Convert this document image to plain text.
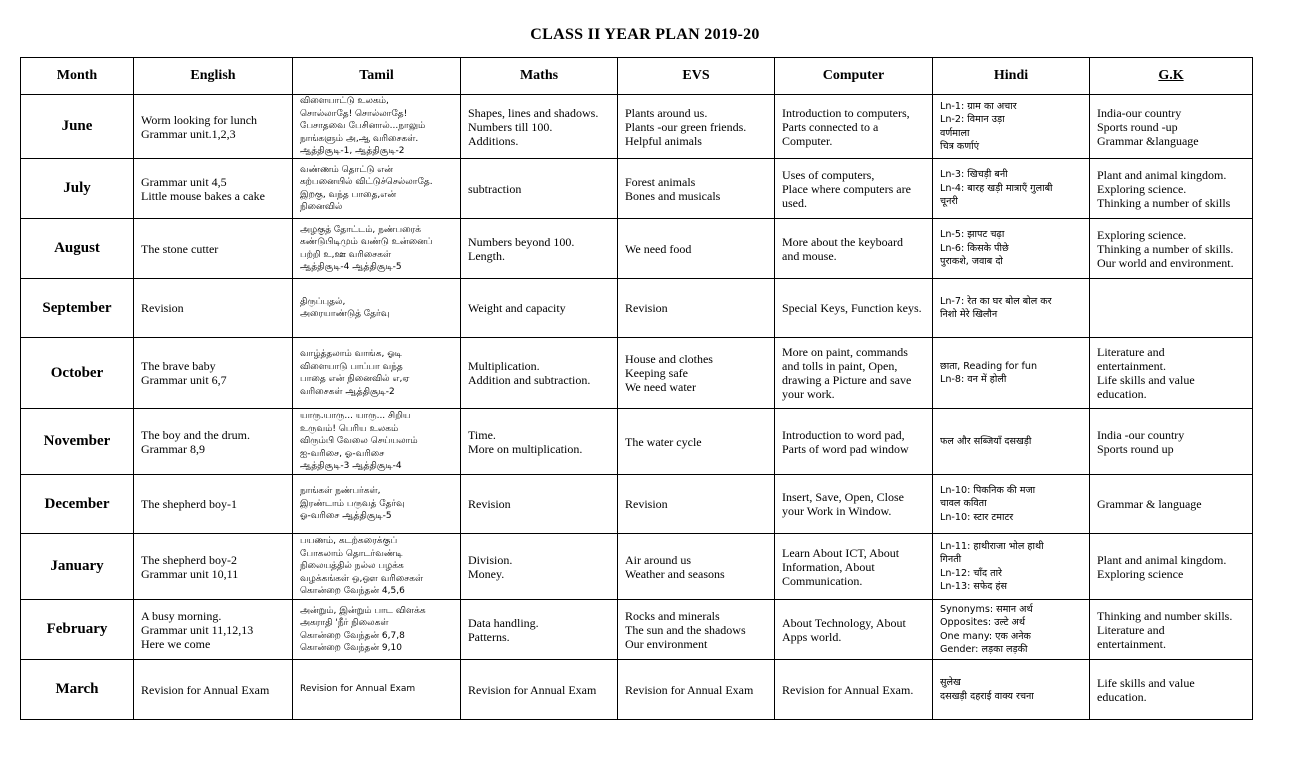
CLASS II YEAR PLAN 2019-20
Month	English	Tamil	Maths	EVS	Computer	Hindi	G.K
June	Worm looking for lunch
Grammar unit.1,2,3	விளையாட்டு உலகம்,
சொல்லாதே! சொல்லாதே!
பேசாதவை பேசினால்...நாலும்
நாங்களும் அ,ஆ வரிசைகள்.
ஆத்திசூடி-1, ஆத்திசூடி-2	Shapes, lines and shadows.
Numbers till 100.
Additions.	Plants around us.
Plants -our green friends.
Helpful animals	Introduction to computers,
Parts connected to a
Computer.	Ln-1: ग्राम का अचार
Ln-2: विमान उड़ा
वर्णमाला
चित्र कर्णाएं	India-our country
Sports round -up
Grammar &language

July	Grammar unit 4,5
Little mouse bakes a cake	வண்ணம் தொட்டு என்
கற்பனையில் விட்டுச்செல்லாதே.
இறகு, வந்த பாதை,என்
நினைவில்	subtraction	Forest animals
Bones and musicals	Uses of computers,
Place where computers are
used.	Ln-3: खिचड़ी बनी
Ln-4: बारह खड़ी मात्राएँ गुलाबी
चूनरी	Plant and animal kingdom.
Exploring science.
Thinking a number of skills

August	The stone cutter	அழகுத் தோட்டம், நண்பரைக்
கண்டுபிடிமும் வண்டு உன்னைப்
பற்றி உ,ஊ வரிசைகள்
ஆத்திசூடி-4 ஆத்திசூடி-5	Numbers beyond 100.
Length.	We need food	More about the keyboard
and mouse.	Ln-5: झापट चढ़ा
Ln-6: किसके पीछे
पुराकशे, जवाब दो	Exploring science.
Thinking a number of skills.
Our world and environment.

September	Revision	திருப்புதல்,
அரையாண்டுத் தேர்வு	Weight and capacity	Revision	Special Keys, Function keys.	Ln-7: रेत का घर बोल बोल कर
निशो मेरे खिलौन	

October	The brave baby
Grammar unit 6,7	வாழ்த்தலாம் வாங்க, ஓடி
விளையாடு பாப்பா வந்த
பாதை என் நினைவில் எ,ஏ
வரிசைகள் ஆத்திசூடி-2	Multiplication.
Addition and subtraction.	House and clothes
Keeping safe
We need water	More on paint, commands
and tolls in paint, Open,
drawing a Picture and save
your work.	छाता, Reading for fun
Ln-8: वन में होली	Literature and
entertainment.
Life skills and value
education.

November	The boy and the drum.
Grammar 8,9	யாரு.யாரு... யாரு... சிறிய
உருவம்! பெரிய உலகம்
விரும்பி வேலை செய்யலாம்
ஐ-வரிசை, ஓ-வரிசை
ஆத்திசூடி-3 ஆத்திசூடி-4	Time.
More on multiplication.	The water cycle	Introduction to word pad,
Parts of word pad window	फल और सब्जियाँ दसखड़ी	India -our country
Sports round up

December	The shepherd boy-1	நாங்கள் நண்பர்கள்,
இரண்டாம் பருவத் தேர்வு
ஓ-வரிசை ஆத்திசூடி-5	Revision	Revision	Insert, Save, Open, Close
your Work in Window.	Ln-10: पिकनिक की मजा
चावल कविता
Ln-10: स्टार टमाटर	Grammar & language

January	The shepherd boy-2
Grammar unit 10,11	பயணம், கடற்கரைக்குப்
போகலாம் தொடர்வண்டி
நிலையத்தில் நல்ல பழக்க
வழக்கங்கள் ஒ,ஔ வரிசைகள்
கொன்றை வேந்தன் 4,5,6	Division.
Money.	Air around us
Weather and seasons	Learn About ICT, About
Information, About
Communication.	Ln-11: हाथीराजा भोल हाथी
गिनती
Ln-12: चाँद तारे
Ln-13: सफेद हंस	Plant and animal kingdom.
Exploring science

February	A busy morning.
Grammar unit 11,12,13
Here we come	அன்றும், இன்றும் பாட விளக்க
அகராதி 'நீர் நிலைகள்
கொன்றை வேந்தன் 6,7,8
கொன்றை வேந்தன் 9,10	Data handling.
Patterns.	Rocks and minerals
The sun and the shadows
Our environment	About Technology, About
Apps world.	Synonyms: समान अर्थ
Opposites: उल्टे अर्थ
One many: एक अनेक
Gender: लड़का लड़की	Thinking and number skills.
Literature and
entertainment.

March	Revision for Annual Exam	Revision for Annual Exam	Revision for Annual Exam	Revision for Annual Exam	Revision for Annual Exam.	सुलेख
दसखड़ी दहराई वाक्य रचना	Life skills and value
education.
